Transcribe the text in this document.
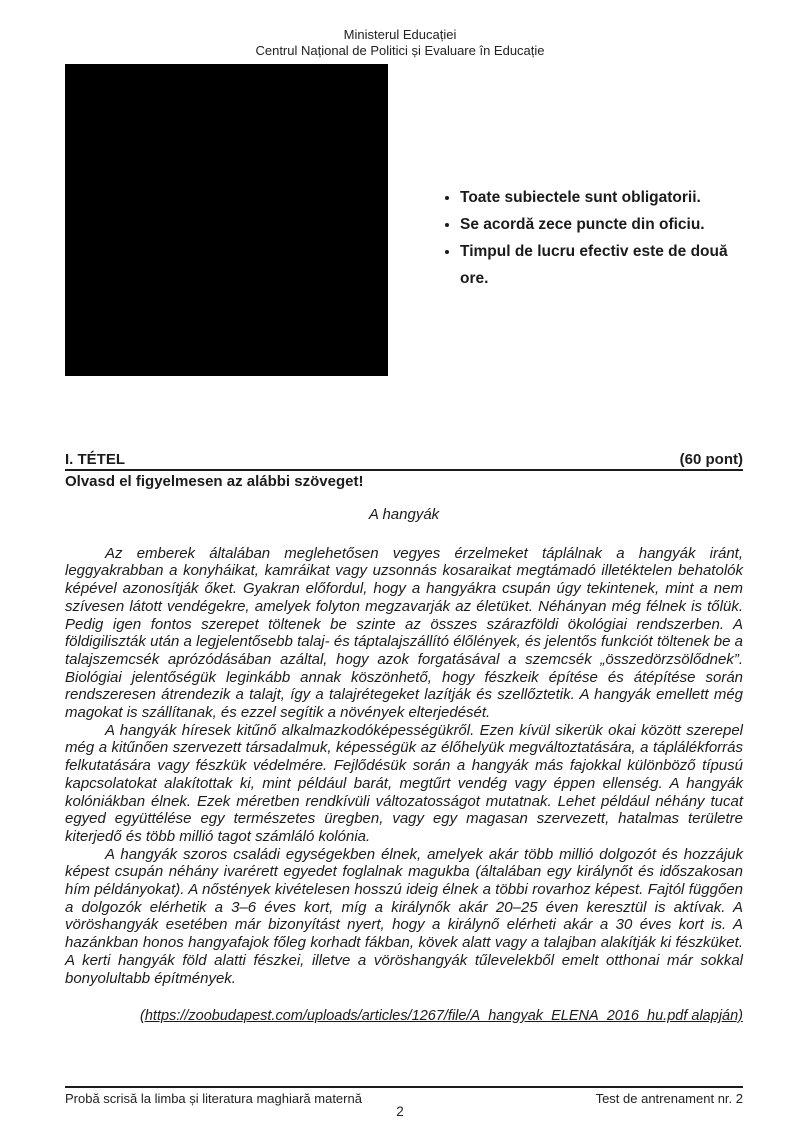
Ministerul Educației
Centrul Național de Politici și Evaluare în Educație
• Toate subiectele sunt obligatorii.
• Se acordă zece puncte din oficiu.
• Timpul de lucru efectiv este de două ore.
I. TÉTEL	(60 pont)
Olvasd el figyelmesen az alábbi szöveget!
A hangyák

Az emberek általában meglehetősen vegyes érzelmeket táplálnak a hangyák iránt, leggyakrabban a konyháikat, kamráikat vagy uzsonnás kosaraikat megtámadó illetéktelen behatolók képével azonosítják őket. Gyakran előfordul, hogy a hangyákra csupán úgy tekintenek, mint a nem szívesen látott vendégekre, amelyek folyton megzavarják az életüket. Néhányan még félnek is tőlük. Pedig igen fontos szerepet töltenek be szinte az összes szárazföldi ökológiai rendszerben. A földigiliszták után a legjelentősebb talaj- és táptalajszállító élőlények, és jelentős funkciót töltenek be a talajszemcsék aprózódásában azáltal, hogy azok forgatásával a szemcsék „összedörzsölődnek”. Biológiai jelentőségük leginkább annak köszönhető, hogy fészkeik építése és átépítése során rendszeresen átrendezik a talajt, így a talajrétegeket lazítják és szellőztetik. A hangyák emellett még magokat is szállítanak, és ezzel segítik a növények elterjedését.

A hangyák híresek kitűnő alkalmazkodóképességükről. Ezen kívül sikerük okai között szerepel még a kitűnően szervezett társadalmuk, képességük az élőhelyük megváltoztatására, a táplálékforrás felkutatására vagy fészkük védelmére. Fejlődésük során a hangyák más fajokkal különböző típusú kapcsolatokat alakítottak ki, mint például barát, megtűrt vendég vagy éppen ellenség. A hangyák kolóniákban élnek. Ezek méretben rendkívüli változatosságot mutatnak. Lehet például néhány tucat egyed együttélése egy természetes üregben, vagy egy magasan szervezett, hatalmas területre kiterjedő és több millió tagot számláló kolónia.

A hangyák szoros családi egységekben élnek, amelyek akár több millió dolgozót és hozzájuk képest csupán néhány ivarérett egyedet foglalnak magukba (általában egy királynőt és időszakosan hím példányokat). A nőstények kivételesen hosszú ideig élnek a többi rovarhoz képest. Fajtól függően a dolgozók elérhetik a 3–6 éves kort, míg a királynők akár 20–25 éven keresztül is aktívak. A vöröshangyák esetében már bizonyítást nyert, hogy a királynő elérheti akár a 30 éves kort is. A hazánkban honos hangyafajok főleg korhadt fákban, kövek alatt vagy a talajban alakítják ki fészküket. A kerti hangyák föld alatti fészkei, illetve a vöröshangyák tűlevelekből emelt otthonai már sokkal bonyolultabb építmények.

(https://zoobudapest.com/uploads/articles/1267/file/A_hangyak_ELENA_2016_hu.pdf alapján)
Probă scrisă la limba și literatura maghiară maternă	Test de antrenament nr. 2
2
